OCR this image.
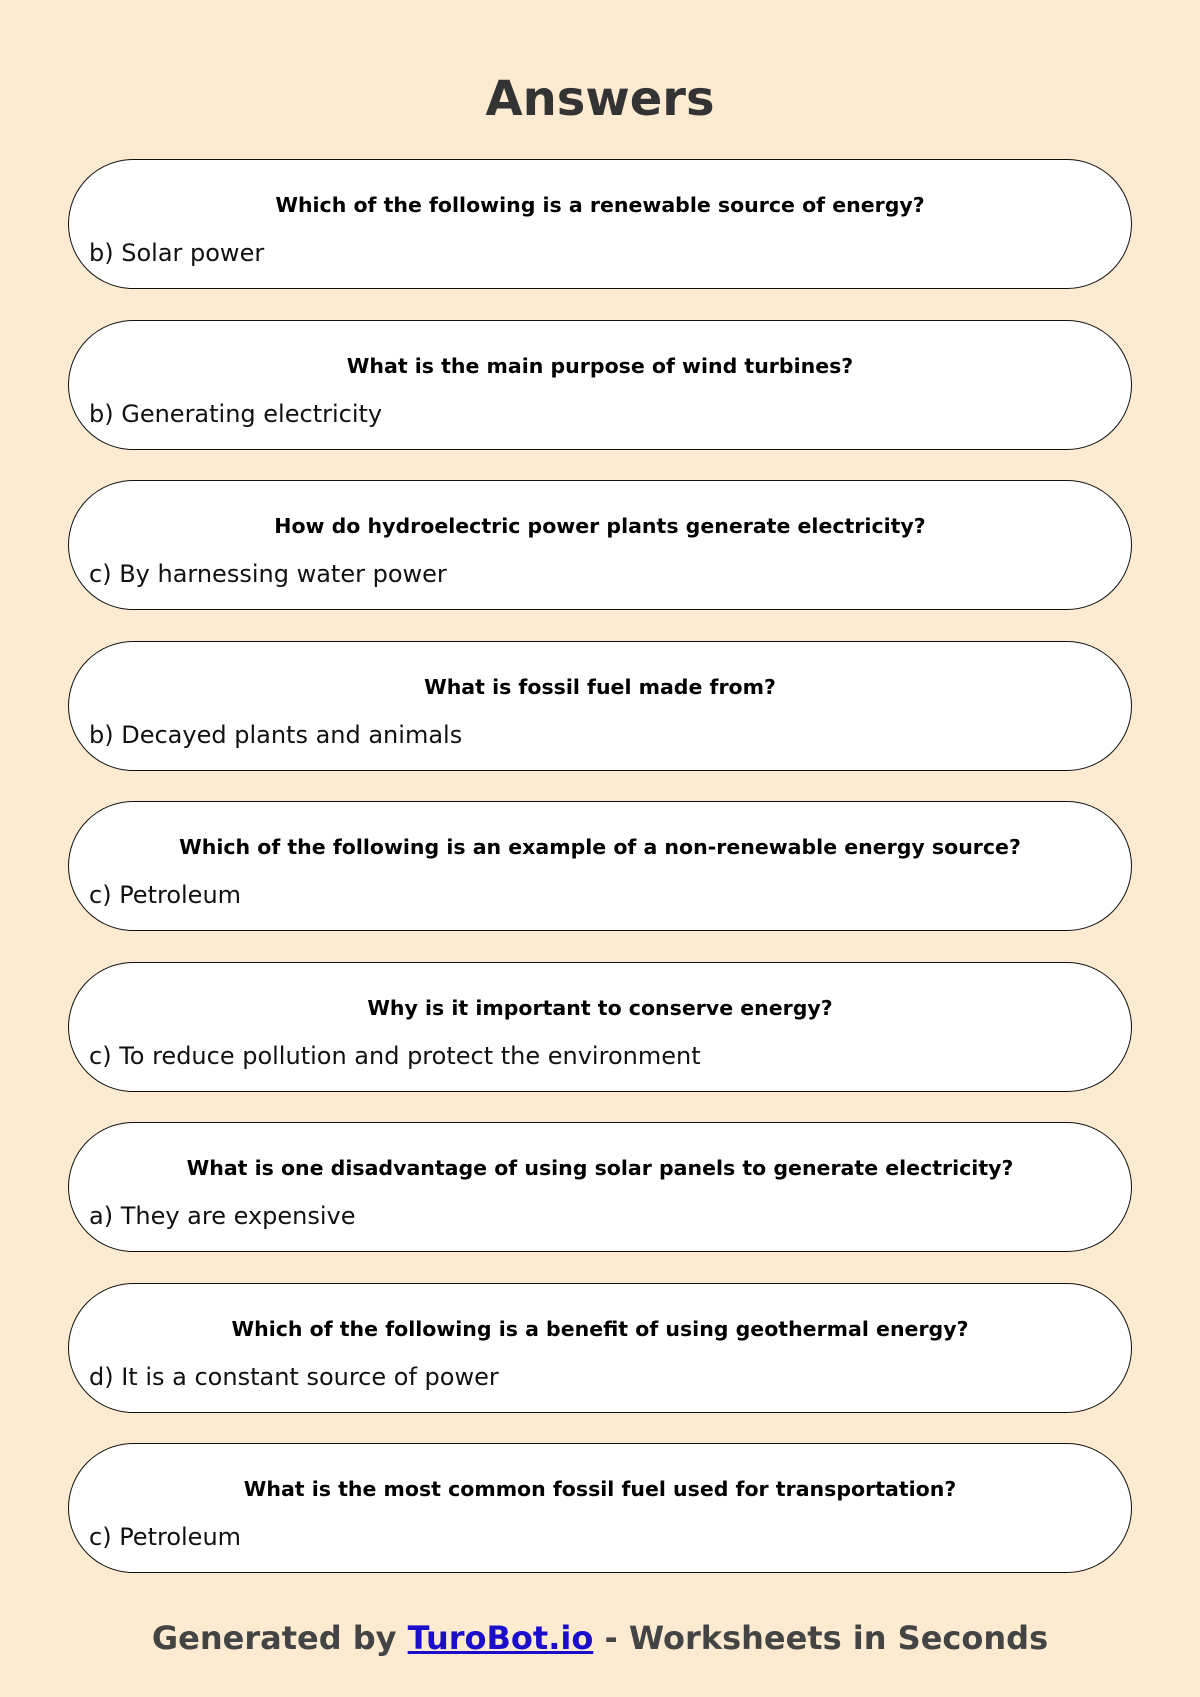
Answers
Which of the following is a renewable source of energy?
b) Solar power
What is the main purpose of wind turbines?
b) Generating electricity
How do hydroelectric power plants generate electricity?
c) By harnessing water power
What is fossil fuel made from?
b) Decayed plants and animals
Which of the following is an example of a non-renewable energy source?
c) Petroleum
Why is it important to conserve energy?
c) To reduce pollution and protect the environment
What is one disadvantage of using solar panels to generate electricity?
a) They are expensive
Which of the following is a benefit of using geothermal energy?
d) It is a constant source of power
What is the most common fossil fuel used for transportation?
c) Petroleum
Generated by TuroBot.io - Worksheets in Seconds
